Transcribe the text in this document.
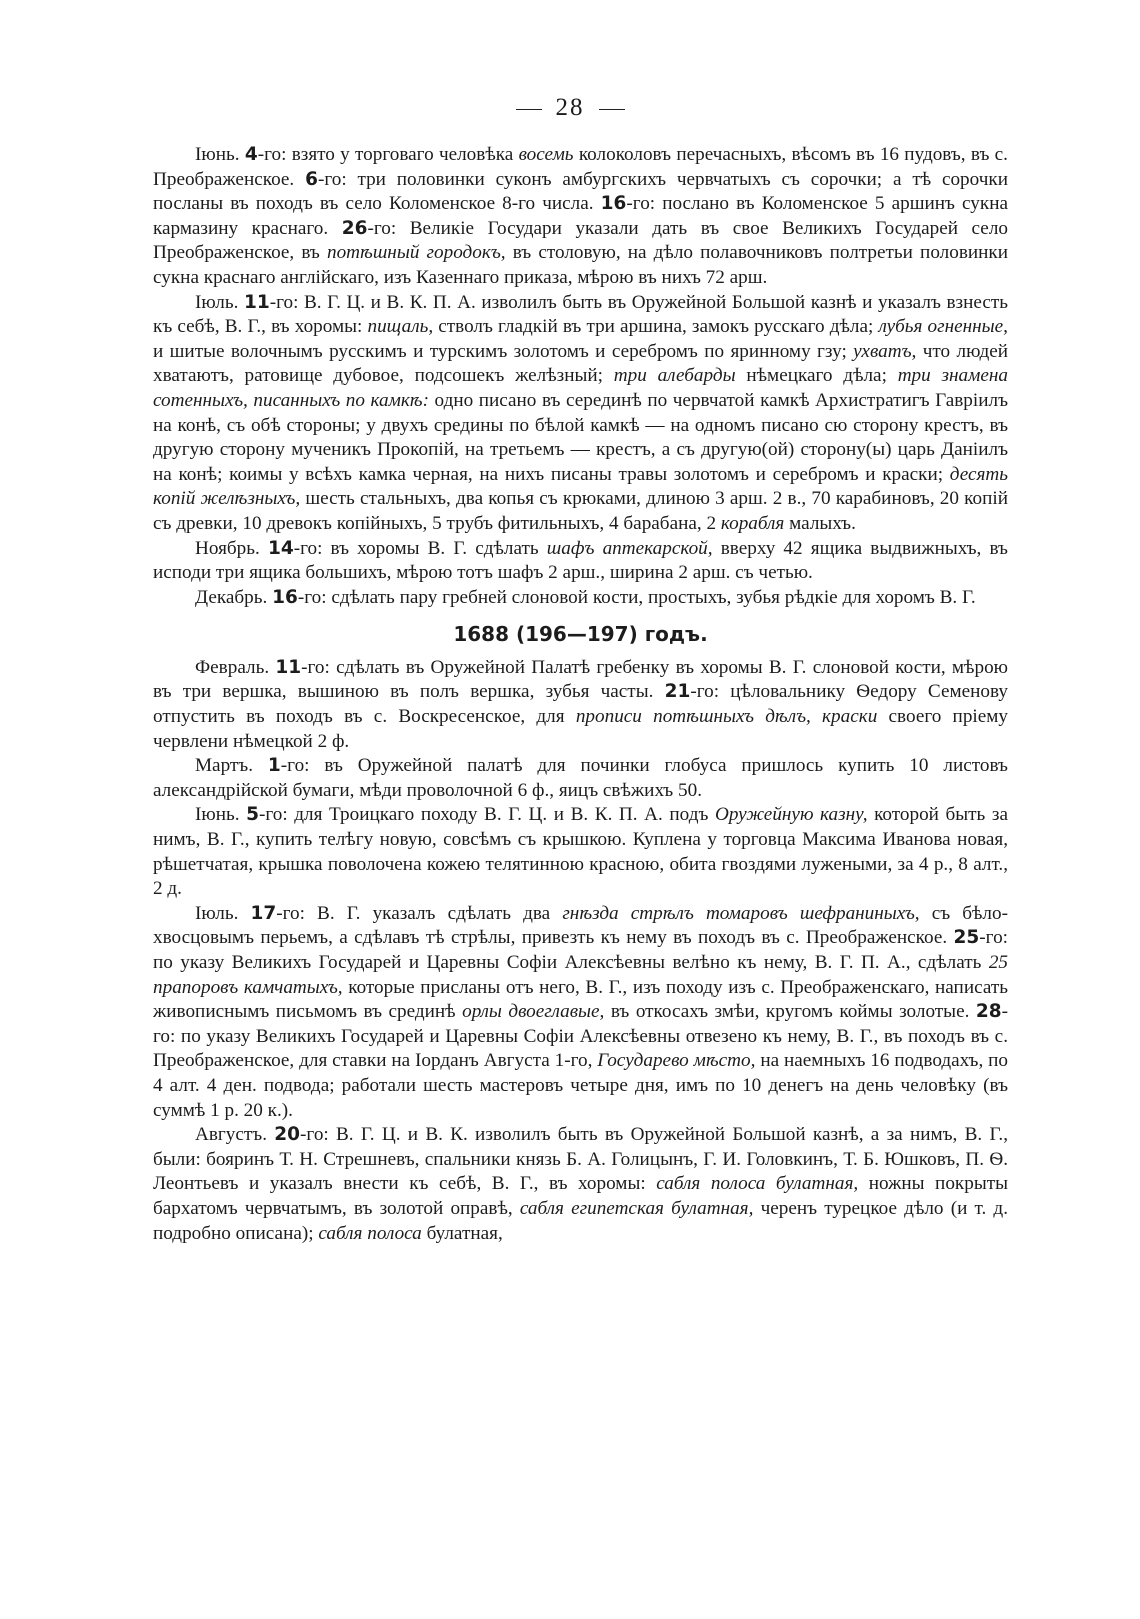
28

Іюнь. 4-го: взято у торговаго человѣка восемь колоколовъ перечасныхъ, вѣсомъ въ 16 пудовъ, въ с. Преображенское. 6-го: три половинки суконъ амбургскихъ червчатыхъ съ сорочки; а тѣ сорочки посланы въ походъ въ село Коломенское 8-го числа. 16-го: послано въ Коломенское 5 аршинъ сукна кармазину краснаго. 26-го: Великіе Государи указали дать въ свое Великихъ Государей село Преображенское, въ потѣшный городокъ, въ столовую, на дѣло полавочниковъ полтретьи половинки сукна краснаго англійскаго, изъ Казеннаго приказа, мѣрою въ нихъ 72 арш.

Іюль. 11-го: В. Г. Ц. и В. К. П. А. изволилъ быть въ Оружейной Большой казнѣ и указалъ взнесть къ себѣ, В. Г., въ хоромы: пищаль, стволъ гладкій въ три аршина, замокъ русскаго дѣла; лубья огненные, и шитые волочнымъ русскимъ и турскимъ золотомъ и серебромъ по яринному гзу; ухватъ, что людей хватаютъ, ратовище дубовое, подсошекъ желѣзный; три алебарды нѣмецкаго дѣла; три знамена сотенныхъ, писанныхъ по камкѣ: одно писано въ серединѣ по червчатой камкѣ Архистратигъ Гавріилъ на конѣ, съ обѣ стороны; у двухъ средины по бѣлой камкѣ — на одномъ писано сю сторону крестъ, въ другую сторону мученикъ Прокопій, на третьемъ — крестъ, а съ другую(ой) сторону(ы) царь Даніилъ на конѣ; коимы у всѣхъ камка черная, на нихъ писаны травы золотомъ и серебромъ и краски; десять копій желѣзныхъ, шесть стальныхъ, два копья съ крюками, длиною 3 арш. 2 в., 70 карабиновъ, 20 копій съ древки, 10 древокъ копійныхъ, 5 трубъ фитильныхъ, 4 барабана, 2 корабля малыхъ.

Ноябрь. 14-го: въ хоромы В. Г. сдѣлать шафъ аптекарской, вверху 42 ящика выдвижныхъ, въ исподи три ящика большихъ, мѣрою тотъ шафъ 2 арш., ширина 2 арш. съ четью.

Декабрь. 16-го: сдѣлать пару гребней слоновой кости, простыхъ, зубья рѣдкіе для хоромъ В. Г.

1688 (196—197) годъ.

Февраль. 11-го: сдѣлать въ Оружейной Палатѣ гребенку въ хоромы В. Г. слоновой кости, мѣрою въ три вершка, вышиною въ полъ вершка, зубья часты. 21-го: цѣловальнику Ѳедору Семенову отпустить въ походъ въ с. Воскресенское, для прописи потѣшныхъ дѣлъ, краски своего пріему червлени нѣмецкой 2 ф.

Мартъ. 1-го: въ Оружейной палатѣ для починки глобуса пришлось купить 10 листовъ александрійской бумаги, мѣди проволочной 6 ф., яицъ свѣжихъ 50.

Іюнь. 5-го: для Троицкаго походу В. Г. Ц. и В. К. П. А. подъ Оружейную казну, которой быть за нимъ, В. Г., купить телѣгу новую, совсѣмъ съ крышкою. Куплена у торговца Максима Иванова новая, рѣшетчатая, крышка поволочена кожею телятинною красною, обита гвоздями лужеными, за 4 р., 8 алт., 2 д.

Іюль. 17-го: В. Г. указалъ сдѣлать два гнѣзда стрѣлъ томаровъ шефраниныхъ, съ бѣло-хвосцовымъ перьемъ, а сдѣлавъ тѣ стрѣлы, привезть къ нему въ походъ въ с. Преображенское. 25-го: по указу Великихъ Государей и Царевны Софіи Алексѣевны велѣно къ нему, В. Г. П. А., сдѣлать 25 прапоровъ камчатыхъ, которые присланы отъ него, В. Г., изъ походу изъ с. Преображенскаго, написать живописнымъ письмомъ въ срединѣ орлы двоеглавые, въ откосахъ змѣи, кругомъ коймы золотые. 28-го: по указу Великихъ Государей и Царевны Софіи Алексѣевны отвезено къ нему, В. Г., въ походъ въ с. Преображенское, для ставки на Іорданъ Августа 1-го, Государево мѣсто, на наемныхъ 16 подводахъ, по 4 алт. 4 ден. подвода; работали шесть мастеровъ четыре дня, имъ по 10 денегъ на день человѣку (въ суммѣ 1 р. 20 к.).

Августъ. 20-го: В. Г. Ц. и В. К. изволилъ быть въ Оружейной Большой казнѣ, а за нимъ, В. Г., были: бояринъ Т. Н. Стрешневъ, спальники князь Б. А. Голицынъ, Г. И. Головкинъ, Т. Б. Юшковъ, П. Ѳ. Леонтьевъ и указалъ внести къ себѣ, В. Г., въ хоромы: сабля полоса булатная, ножны покрыты бархатомъ червчатымъ, въ золотой оправѣ, сабля египетская булатная, черенъ турецкое дѣло (и т. д. подробно описана); сабля полоса булатная,
